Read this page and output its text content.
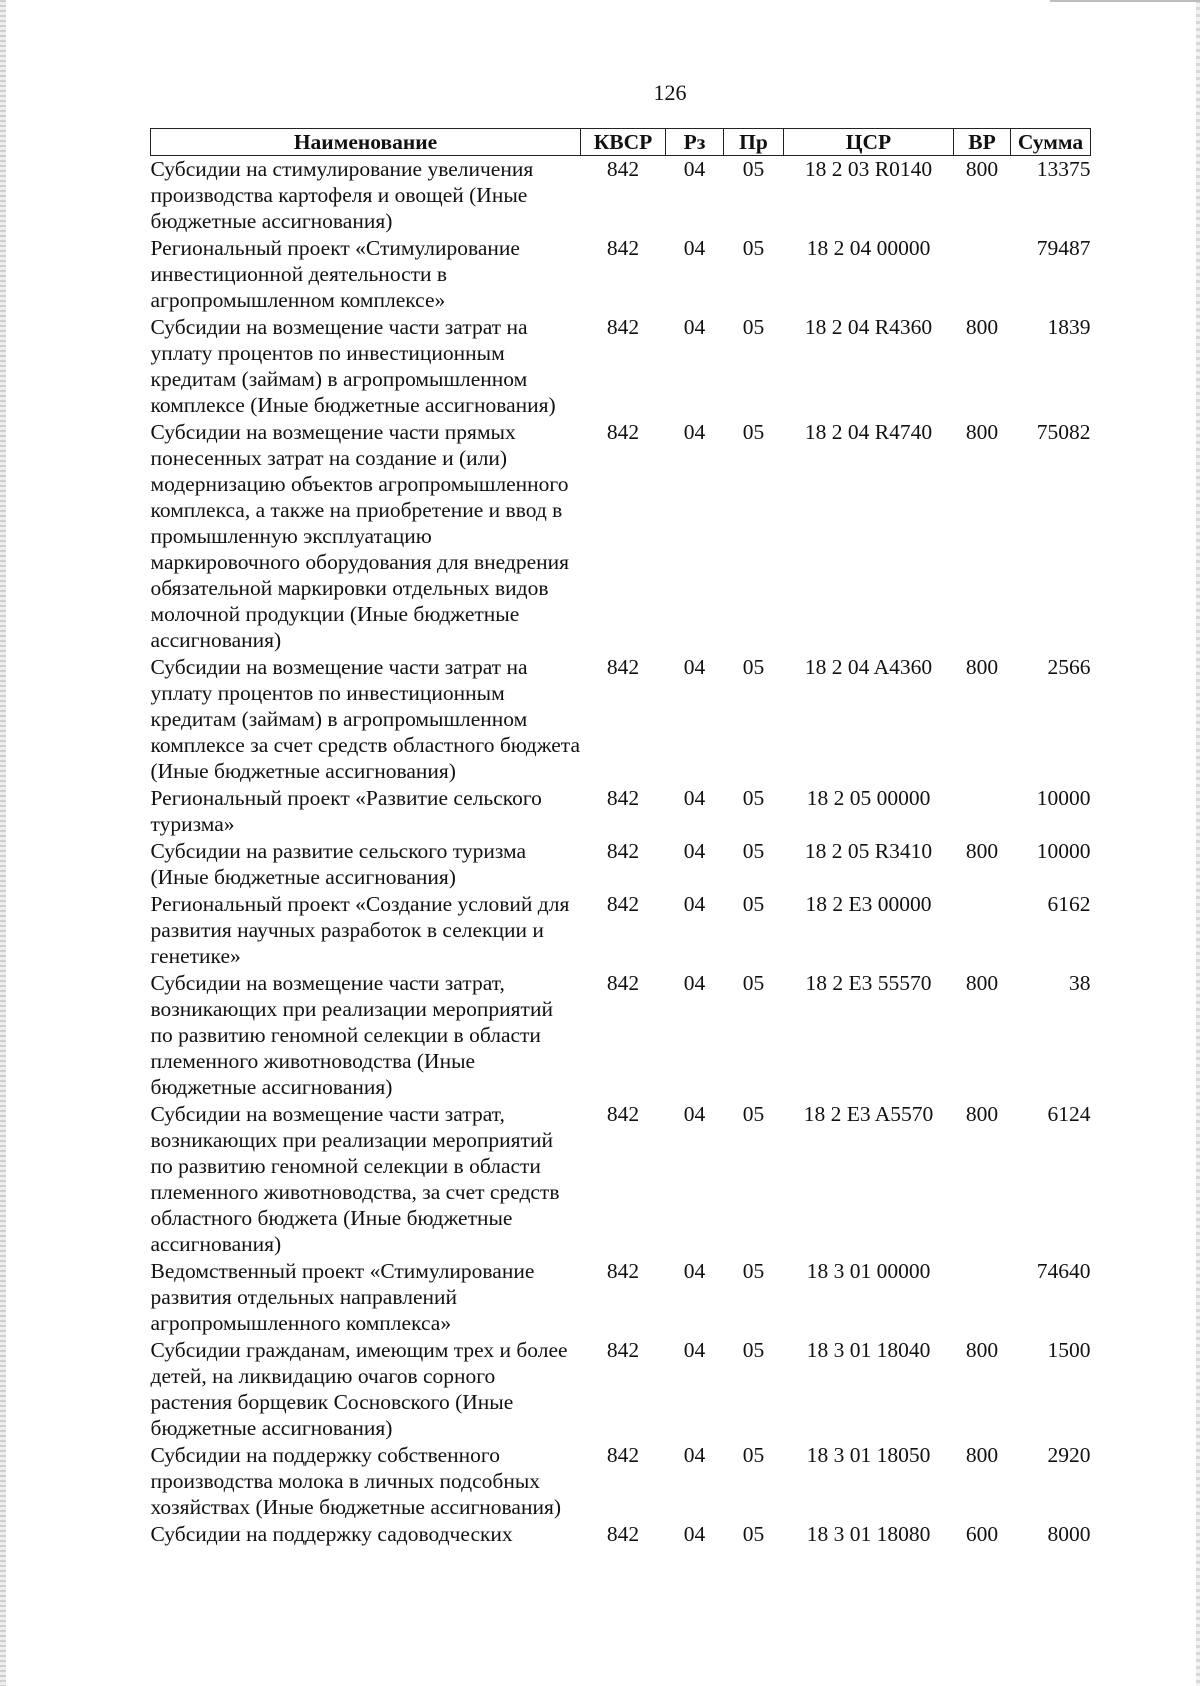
126
Наименование	КВСР	Рз	Пр	ЦСР	ВР	Сумма
Субсидии на стимулирование увеличения производства картофеля и овощей (Иные бюджетные ассигнования)	842	04	05	18 2 03 R0140	800	13375
Региональный проект «Стимулирование инвестиционной деятельности в агропромышленном комплексе»	842	04	05	18 2 04 00000		79487
Субсидии на возмещение части затрат на уплату процентов по инвестиционным кредитам (займам) в агропромышленном комплексе (Иные бюджетные ассигнования)	842	04	05	18 2 04 R4360	800	1839
Субсидии на возмещение части прямых понесенных затрат на создание и (или) модернизацию объектов агропромышленного комплекса, а также на приобретение и ввод в промышленную эксплуатацию маркировочного оборудования для внедрения обязательной маркировки отдельных видов молочной продукции (Иные бюджетные ассигнования)	842	04	05	18 2 04 R4740	800	75082
Субсидии на возмещение части затрат на уплату процентов по инвестиционным кредитам (займам) в агропромышленном комплексе за счет средств областного бюджета (Иные бюджетные ассигнования)	842	04	05	18 2 04 A4360	800	2566
Региональный проект «Развитие сельского туризма»	842	04	05	18 2 05 00000		10000
Субсидии на развитие сельского туризма (Иные бюджетные ассигнования)	842	04	05	18 2 05 R3410	800	10000
Региональный проект «Создание условий для развития научных разработок в селекции и генетике»	842	04	05	18 2 E3 00000		6162
Субсидии на возмещение части затрат, возникающих при реализации мероприятий по развитию геномной селекции в области племенного животноводства (Иные бюджетные ассигнования)	842	04	05	18 2 E3 55570	800	38
Субсидии на возмещение части затрат, возникающих при реализации мероприятий по развитию геномной селекции в области племенного животноводства, за счет средств областного бюджета (Иные бюджетные ассигнования)	842	04	05	18 2 E3 A5570	800	6124
Ведомственный проект «Стимулирование развития отдельных направлений агропромышленного комплекса»	842	04	05	18 3 01 00000		74640
Субсидии гражданам, имеющим трех и более детей, на ликвидацию очагов сорного растения борщевик Сосновского (Иные бюджетные ассигнования)	842	04	05	18 3 01 18040	800	1500
Субсидии на поддержку собственного производства молока в личных подсобных хозяйствах (Иные бюджетные ассигнования)	842	04	05	18 3 01 18050	800	2920
Субсидии на поддержку садоводческих	842	04	05	18 3 01 18080	600	8000
